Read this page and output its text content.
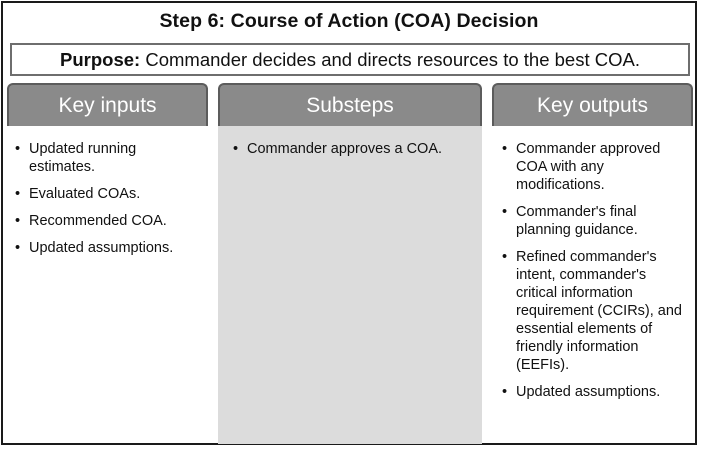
Step 6: Course of Action (COA) Decision
Purpose: Commander decides and directs resources to the best COA.
Key inputs	Substeps	Key outputs
• Updated running estimates.
• Evaluated COAs.
• Recommended COA.
• Updated assumptions.
• Commander approves a COA.
•	Commander approved COA with any modifications.
• Commander's final planning guidance.
• Refined commander's intent, commander's critical information requirement (CCIRs), and essential elements of friendly information (EEFIs).
• Updated assumptions.
